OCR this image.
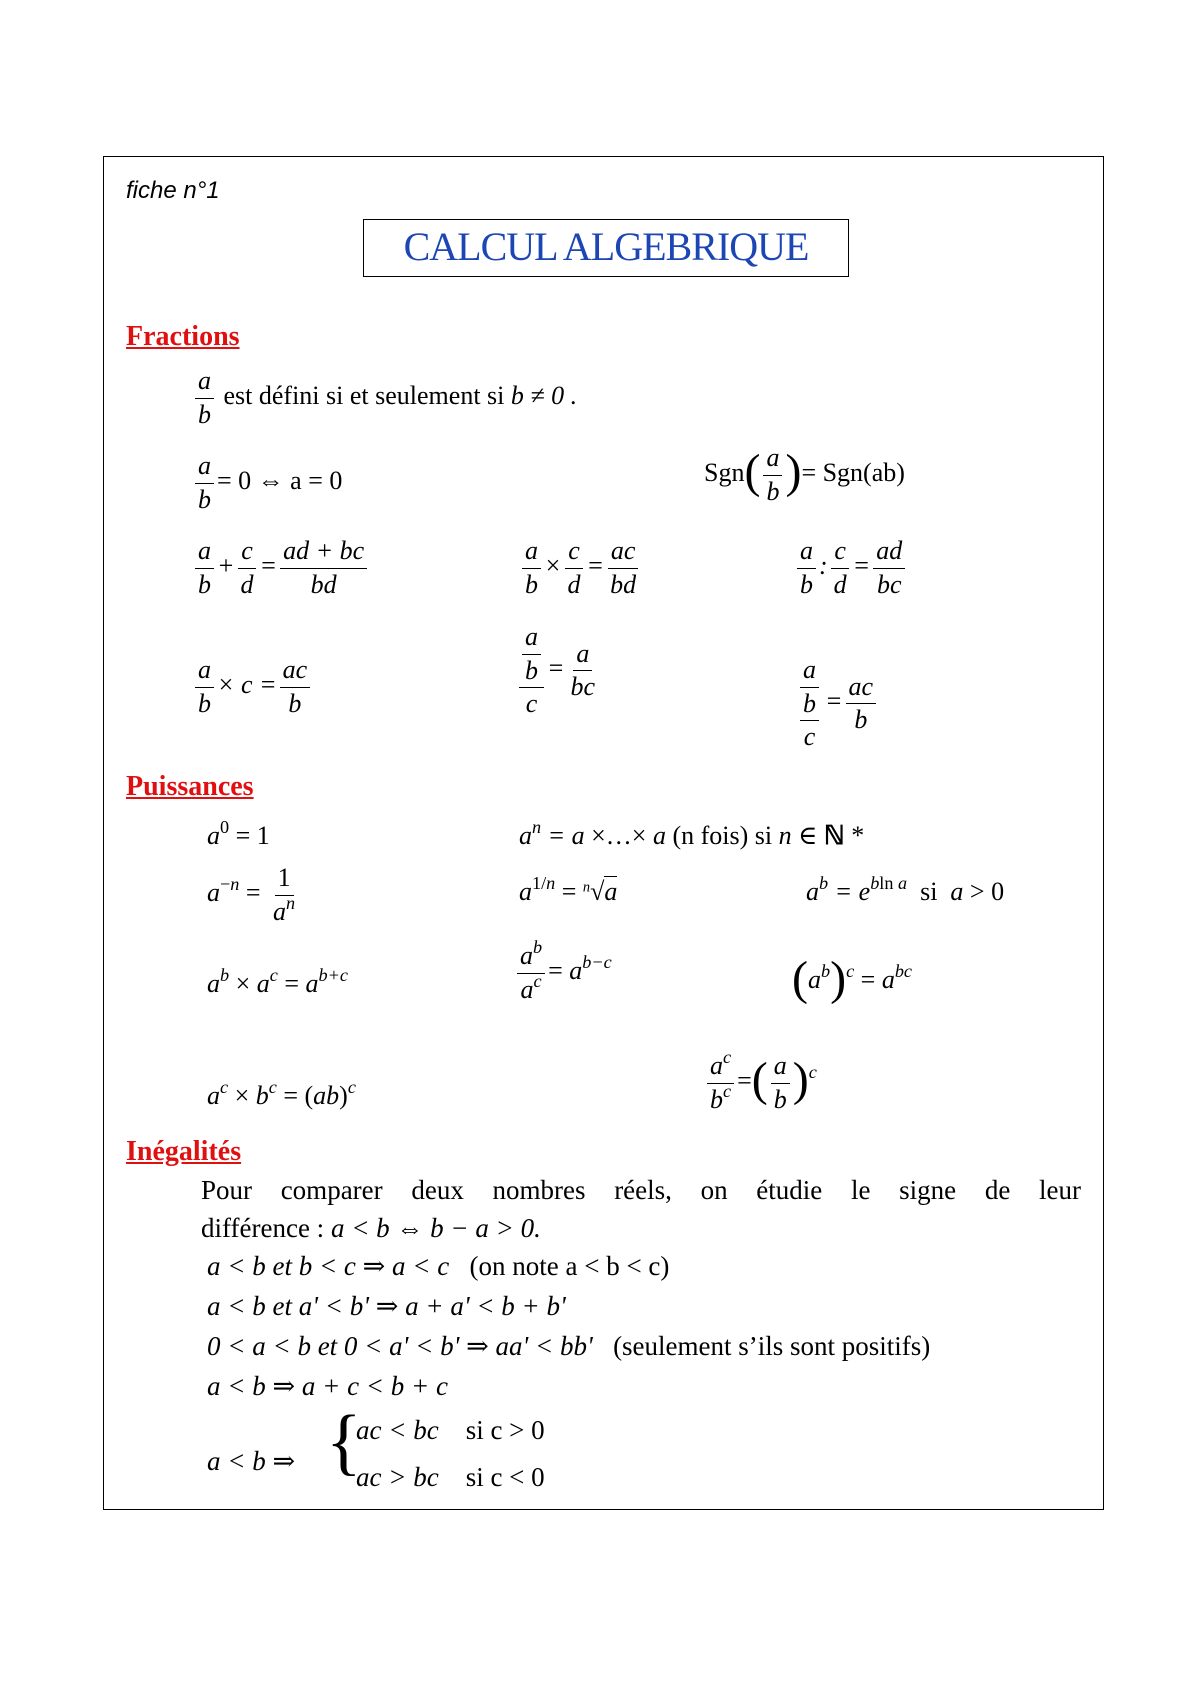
fiche n°1
CALCUL ALGEBRIQUE
Fractions
$\frac{a}{b}$ est défini si et seulement si b ≠ 0 .
$\frac{a}{b} = 0$ ⇔ a = 0	$Sgn( \frac{a}{b}$ )= Sgn(ab)
$\frac{a}{b} + \frac{c}{d} = \frac{ad + bc}{bd}$	$\frac{a}{b} \times \frac{c}{d} = \frac{ac}{bd}$	$\frac{a}{b}$ : $\frac{c}{d} = \frac{ad}{bc}$
$\frac{a}{b} \times c = \frac{ac}{b}$	$\frac{\frac{a}{b}}{c} = \frac{a}{bc}$	$\frac{a}{\frac{b}{c}} = \frac{ac}{b}$
Puissances
$a^0 = 1$	$a^n = a$ ×…× a (n fois) si n ∈ ℕ *
$a^{-n} = \frac{1}{a^n}$	$a^{1/n} = ^n√a$	$a^b = e^{bln a}$  si  a > 0
$a^b \times a^c = a^{b+c}$	$\frac{a^b}{a^c} = a^{b-c}$	$(a^b)^c = a^{bc}$
$a^c \times b^c = (ab)^c$	$\frac{a^c}{b^c}$ =( $\frac{a}{b} )^c$
Inégalités
Pour comparer deux nombres réels, on étudie le signe de leur
différence : a < b ⇔ b − a > 0.
a < b et b < c ⇒ a < c (on note a < b < c)
a < b et a' < b' ⇒ a + a' < b + b'
0 < a < b et 0 < a' < b' ⇒ aa' < bb' (seulement s’ils sont positifs)
a < b ⇒ a + c < b + c
a < b ⇒ {
ac < bc si c > 0
ac > bc si c < 0
